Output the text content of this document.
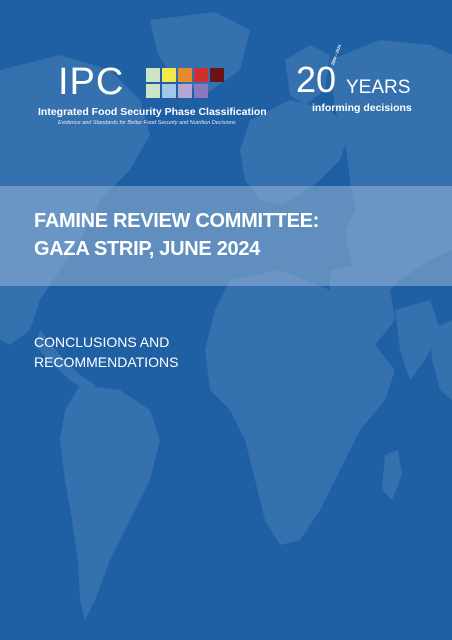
IPC
Integrated Food Security Phase Classification
Evidence and Standards for Better Food Security and Nutrition Decisions
20
2004 • 2024
YEARS
informing decisions
FAMINE REVIEW COMMITTEE:
GAZA STRIP, JUNE 2024
CONCLUSIONS AND
RECOMMENDATIONS
